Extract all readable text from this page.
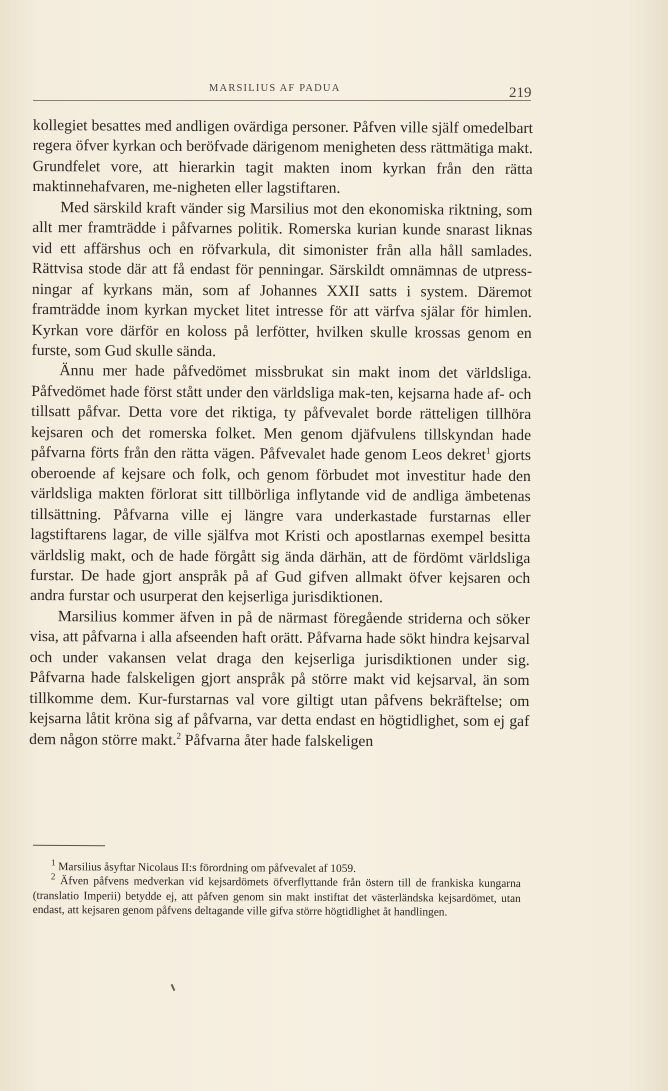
MARSILIUS AF PADUA	219

kollegiet besattes med andligen ovärdiga personer. Påfven ville själf omedelbart regera öfver kyrkan och beröfvade därigenom menigheten dess rättmätiga makt. Grundfelet vore, att hierarkin tagit makten inom kyrkan från den rätta maktinnehafvaren, me-nigheten eller lagstiftaren.

Med särskild kraft vänder sig Marsilius mot den ekonomiska riktning, som allt mer framträdde i påfvarnes politik. Romerska kurian kunde snarast liknas vid ett affärshus och en röfvarkula, dit simonister från alla håll samlades. Rättvisa stode där att få endast för penningar. Särskildt omnämnas de utpress-ningar af kyrkans män, som af Johannes XXII satts i system. Däremot framträdde inom kyrkan mycket litet intresse för att värfva själar för himlen. Kyrkan vore därför en koloss på lerfötter, hvilken skulle krossas genom en furste, som Gud skulle sända.

Ännu mer hade påfvedömet missbrukat sin makt inom det världsliga. Påfvedömet hade först stått under den världsliga mak-ten, kejsarna hade af- och tillsatt påfvar. Detta vore det riktiga, ty påfvevalet borde rätteligen tillhöra kejsaren och det romerska folket. Men genom djäfvulens tillskyndan hade påfvarna förts från den rätta vägen. Påfvevalet hade genom Leos dekret$^1$ gjorts oberoende af kejsare och folk, och genom förbudet mot investitur hade den världsliga makten förlorat sitt tillbörliga inflytande vid de andliga ämbetenas tillsättning. Påfvarna ville ej längre vara underkastade furstarnas eller lagstiftarens lagar, de ville själfva mot Kristi och apostlarnas exempel besitta världslig makt, och de hade förgått sig ända därhän, att de fördömt världsliga furstar. De hade gjort anspråk på af Gud gifven allmakt öfver kejsaren och andra furstar och usurperat den kejserliga jurisdiktionen.

Marsilius kommer äfven in på de närmast föregående striderna och söker visa, att påfvarna i alla afseenden haft orätt. Påfvarna hade sökt hindra kejsarval och under vakansen velat draga den kejserliga jurisdiktionen under sig. Påfvarna hade falskeligen gjort anspråk på större makt vid kejsarval, än som tillkomme dem. Kur-furstarnas val vore giltigt utan påfvens bekräftelse; om kejsarna låtit kröna sig af påfvarna, var detta endast en högtidlighet, som ej gaf dem någon större makt.$^2$ Påfvarna åter hade falskeligen

$^1$ Marsilius åsyftar Nicolaus II:s förordning om påfvevalet af 1059.

$^2$ Äfven påfvens medverkan vid kejsardömets öfverflyttande från östern till de frankiska kungarna (translatio Imperii) betydde ej, att påfven genom sin makt instiftat det västerländska kejsardömet, utan endast, att kejsaren genom påfvens deltagande ville gifva större högtidlighet åt handlingen.
